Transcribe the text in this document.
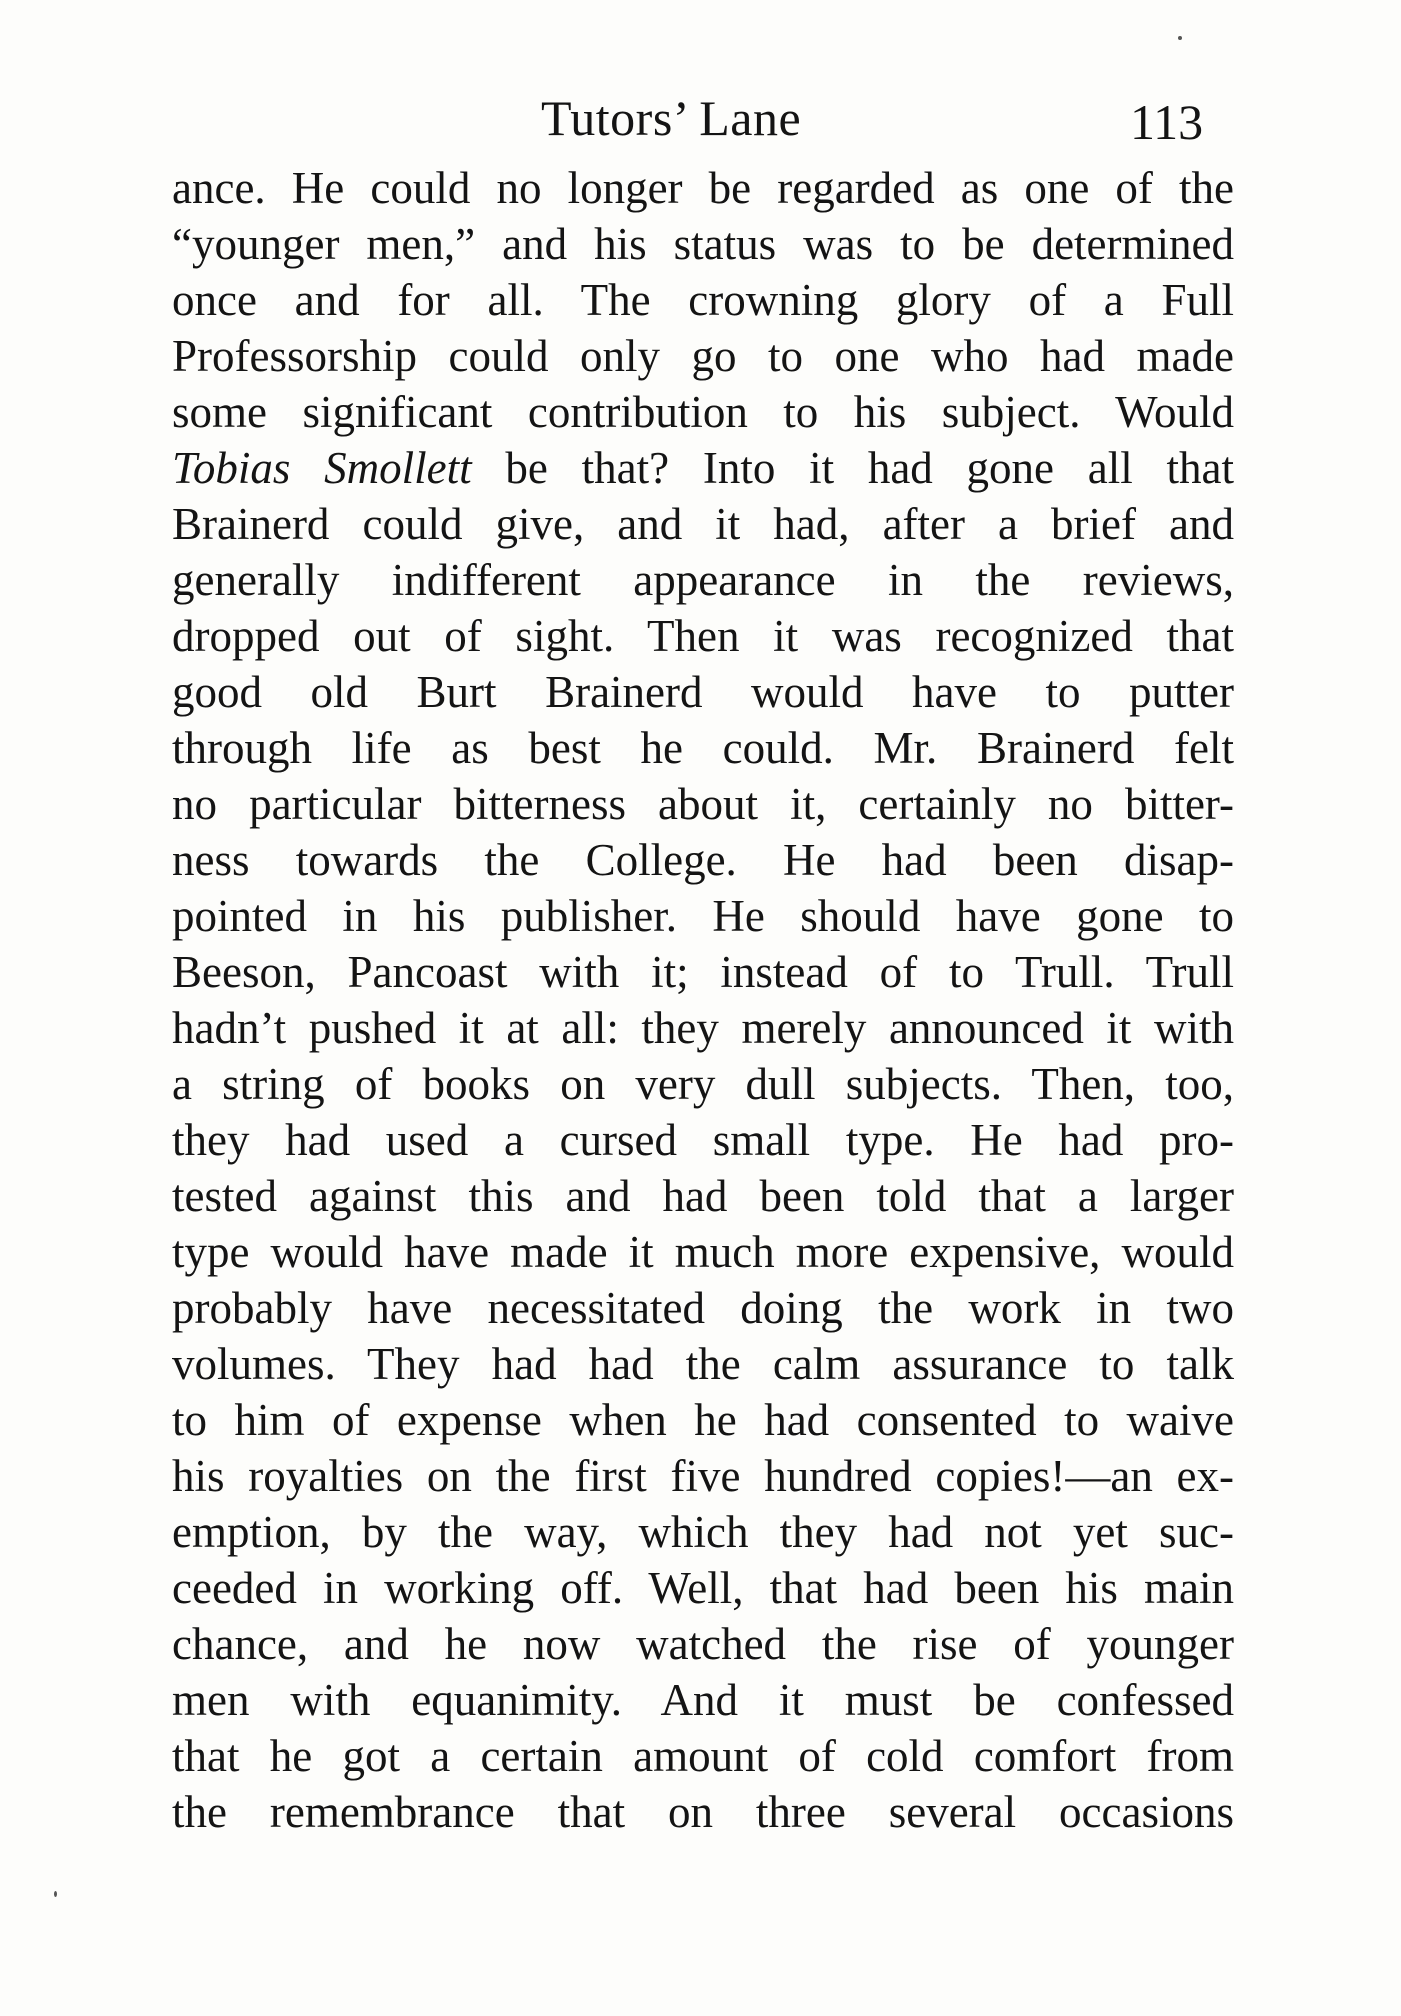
Tutors’ Lane	113
ance. He could no longer be regarded as one of the
“younger men,” and his status was to be determined
once and for all. The crowning glory of a Full
Professorship could only go to one who had made
some significant contribution to his subject. Would
Tobias Smollett be that? Into it had gone all that
Brainerd could give, and it had, after a brief and
generally indifferent appearance in the reviews,
dropped out of sight. Then it was recognized that
good old Burt Brainerd would have to putter
through life as best he could. Mr. Brainerd felt
no particular bitterness about it, certainly no bitter-
ness towards the College. He had been disap-
pointed in his publisher. He should have gone to
Beeson, Pancoast with it; instead of to Trull. Trull
hadn’t pushed it at all: they merely announced it with
a string of books on very dull subjects. Then, too,
they had used a cursed small type. He had pro-
tested against this and had been told that a larger
type would have made it much more expensive, would
probably have necessitated doing the work in two
volumes. They had had the calm assurance to talk
to him of expense when he had consented to waive
his royalties on the first five hundred copies!—an ex-
emption, by the way, which they had not yet suc-
ceeded in working off. Well, that had been his main
chance, and he now watched the rise of younger
men with equanimity. And it must be confessed
that he got a certain amount of cold comfort from
the remembrance that on three several occasions
